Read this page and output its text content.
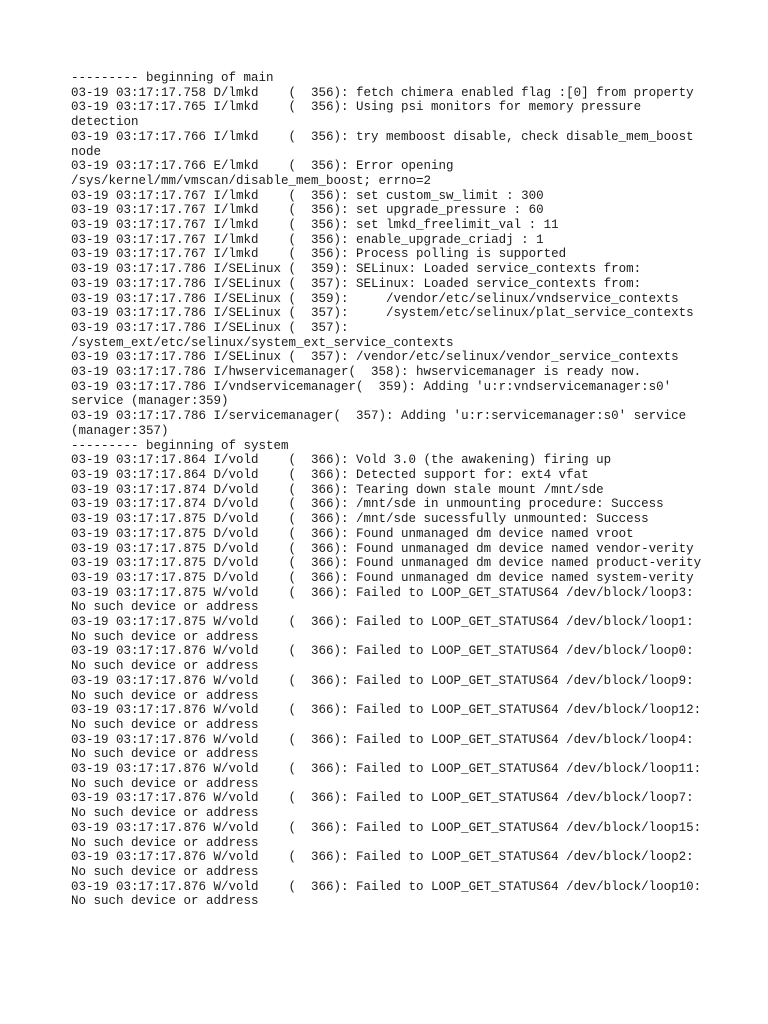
--------- beginning of main

03-19 03:17:17.758 D/lmkd    (  356): fetch chimera enabled flag :[0] from property

03-19 03:17:17.765 I/lmkd    (  356): Using psi monitors for memory pressure detection

03-19 03:17:17.766 I/lmkd    (  356): try memboost disable, check disable_mem_boost node

03-19 03:17:17.766 E/lmkd    (  356): Error opening /sys/kernel/mm/vmscan/disable_mem_boost; errno=2

03-19 03:17:17.767 I/lmkd    (  356): set custom_sw_limit : 300

03-19 03:17:17.767 I/lmkd    (  356): set upgrade_pressure : 60

03-19 03:17:17.767 I/lmkd    (  356): set lmkd_freelimit_val : 11

03-19 03:17:17.767 I/lmkd    (  356): enable_upgrade_criadj : 1

03-19 03:17:17.767 I/lmkd    (  356): Process polling is supported

03-19 03:17:17.786 I/SELinux (  359): SELinux: Loaded service_contexts from:

03-19 03:17:17.786 I/SELinux (  357): SELinux: Loaded service_contexts from:

03-19 03:17:17.786 I/SELinux (  359):     /vendor/etc/selinux/vndservice_contexts

03-19 03:17:17.786 I/SELinux (  357):     /system/etc/selinux/plat_service_contexts

03-19 03:17:17.786 I/SELinux (  357): /system_ext/etc/selinux/system_ext_service_contexts

03-19 03:17:17.786 I/SELinux (  357): /vendor/etc/selinux/vendor_service_contexts

03-19 03:17:17.786 I/hwservicemanager(  358): hwservicemanager is ready now.

03-19 03:17:17.786 I/vndservicemanager(  359): Adding 'u:r:vndservicemanager:s0' service (manager:359)

03-19 03:17:17.786 I/servicemanager(  357): Adding 'u:r:servicemanager:s0' service (manager:357)

--------- beginning of system

03-19 03:17:17.864 I/vold    (  366): Vold 3.0 (the awakening) firing up

03-19 03:17:17.864 D/vold    (  366): Detected support for: ext4 vfat

03-19 03:17:17.874 D/vold    (  366): Tearing down stale mount /mnt/sde

03-19 03:17:17.874 D/vold    (  366): /mnt/sde in unmounting procedure: Success

03-19 03:17:17.875 D/vold    (  366): /mnt/sde sucessfully unmounted: Success

03-19 03:17:17.875 D/vold    (  366): Found unmanaged dm device named vroot

03-19 03:17:17.875 D/vold    (  366): Found unmanaged dm device named vendor-verity

03-19 03:17:17.875 D/vold    (  366): Found unmanaged dm device named product-verity

03-19 03:17:17.875 D/vold    (  366): Found unmanaged dm device named system-verity

03-19 03:17:17.875 W/vold    (  366): Failed to LOOP_GET_STATUS64 /dev/block/loop3: No such device or address

03-19 03:17:17.875 W/vold    (  366): Failed to LOOP_GET_STATUS64 /dev/block/loop1: No such device or address

03-19 03:17:17.876 W/vold    (  366): Failed to LOOP_GET_STATUS64 /dev/block/loop0: No such device or address

03-19 03:17:17.876 W/vold    (  366): Failed to LOOP_GET_STATUS64 /dev/block/loop9: No such device or address

03-19 03:17:17.876 W/vold    (  366): Failed to LOOP_GET_STATUS64 /dev/block/loop12: No such device or address

03-19 03:17:17.876 W/vold    (  366): Failed to LOOP_GET_STATUS64 /dev/block/loop4: No such device or address

03-19 03:17:17.876 W/vold    (  366): Failed to LOOP_GET_STATUS64 /dev/block/loop11: No such device or address

03-19 03:17:17.876 W/vold    (  366): Failed to LOOP_GET_STATUS64 /dev/block/loop7: No such device or address

03-19 03:17:17.876 W/vold    (  366): Failed to LOOP_GET_STATUS64 /dev/block/loop15: No such device or address

03-19 03:17:17.876 W/vold    (  366): Failed to LOOP_GET_STATUS64 /dev/block/loop2: No such device or address

03-19 03:17:17.876 W/vold    (  366): Failed to LOOP_GET_STATUS64 /dev/block/loop10: No such device or address
